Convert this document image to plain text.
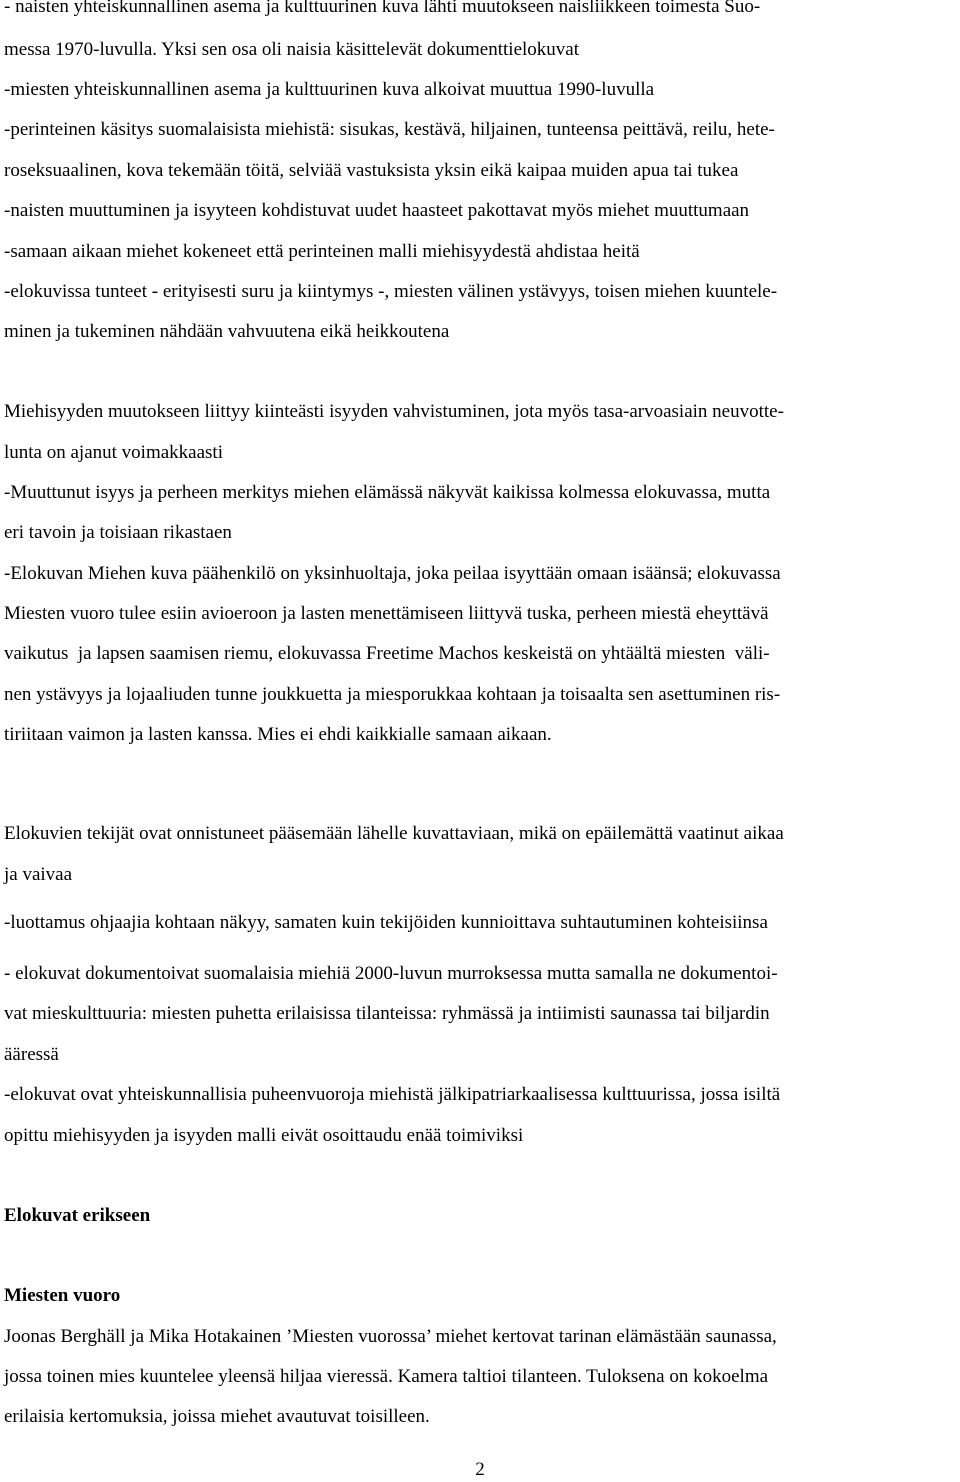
- naisten yhteiskunnallinen asema ja kulttuurinen kuva lähti muutokseen naisliikkeen toimesta Suo-
messa 1970-luvulla. Yksi sen osa oli naisia käsittelevät dokumenttielokuvat
-miesten yhteiskunnallinen asema ja kulttuurinen kuva alkoivat muuttua 1990-luvulla
-perinteinen käsitys suomalaisista miehistä: sisukas, kestävä, hiljainen, tunteensa peittävä, reilu, hete-
roseksuaalinen, kova tekemään töitä, selviää vastuksista yksin eikä kaipaa muiden apua tai tukea
-naisten muuttuminen ja isyyteen kohdistuvat uudet haasteet pakottavat myös miehet muuttumaan
-samaan aikaan miehet kokeneet että perinteinen malli miehisyydestä ahdistaa heitä
-elokuvissa tunteet - erityisesti suru ja kiintymys -, miesten välinen ystävyys, toisen miehen kuuntele-
minen ja tukeminen nähdään vahvuutena eikä heikkoutena
Miehisyyden muutokseen liittyy kiinteästi isyyden vahvistuminen, jota myös tasa-arvoasiain neuvotte-
lunta on ajanut voimakkaasti
-Muuttunut isyys ja perheen merkitys miehen elämässä näkyvät kaikissa kolmessa elokuvassa, mutta
eri tavoin ja toisiaan rikastaen
-Elokuvan Miehen kuva päähenkilö on yksinhuoltaja, joka peilaa isyyttään omaan isäänsä; elokuvassa
Miesten vuoro tulee esiin avioeroon ja lasten menettämiseen liittyvä tuska, perheen miestä eheyttävä
vaikutus  ja lapsen saamisen riemu, elokuvassa Freetime Machos keskeistä on yhtäältä miesten  väli-
nen ystävyys ja lojaaliuden tunne joukkuetta ja miesporukkaa kohtaan ja toisaalta sen asettuminen ris-
tiriitaan vaimon ja lasten kanssa. Mies ei ehdi kaikkialle samaan aikaan.
Elokuvien tekijät ovat onnistuneet pääsemään lähelle kuvattaviaan, mikä on epäilemättä vaatinut aikaa
ja vaivaa
-luottamus ohjaajia kohtaan näkyy, samaten kuin tekijöiden kunnioittava suhtautuminen kohteisiinsa
- elokuvat dokumentoivat suomalaisia miehiä 2000-luvun murroksessa mutta samalla ne dokumentoi-
vat mieskulttuuria: miesten puhetta erilaisissa tilanteissa: ryhmässä ja intiimisti saunassa tai biljardin
ääressä
-elokuvat ovat yhteiskunnallisia puheenvuoroja miehistä jälkipatriarkaalisessa kulttuurissa, jossa isiltä
opittu miehisyyden ja isyyden malli eivät osoittaudu enää toimiviksi
Elokuvat erikseen
Miesten vuoro
Joonas Berghäll ja Mika Hotakainen ’Miesten vuorossa’ miehet kertovat tarinan elämästään saunassa,
jossa toinen mies kuuntelee yleensä hiljaa vieressä. Kamera taltioi tilanteen. Tuloksena on kokoelma
erilaisia kertomuksia, joissa miehet avautuvat toisilleen.
2
